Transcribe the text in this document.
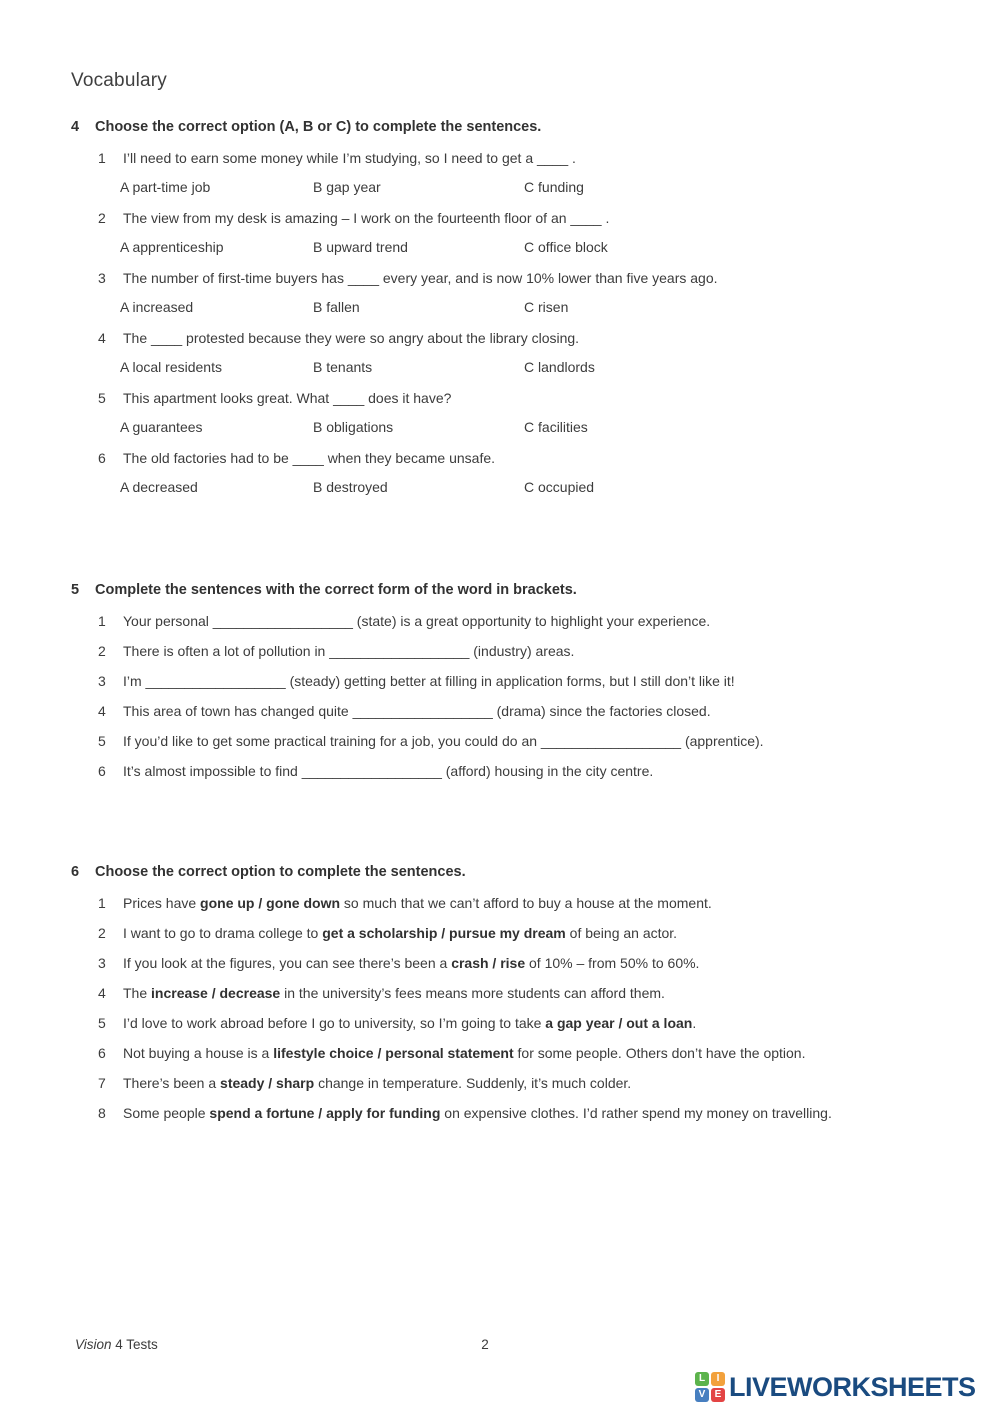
Vocabulary
4	Choose the correct option (A, B or C) to complete the sentences.
1	I’ll need to earn some money while I’m studying, so I need to get a ____ .
A part-time job	B gap year	C funding
2	The view from my desk is amazing – I work on the fourteenth floor of an ____ .
A apprenticeship	B upward trend	C office block
3	The number of first-time buyers has ____ every year, and is now 10% lower than five years ago.
A increased	B fallen	C risen
4	The ____ protested because they were so angry about the library closing.
A local residents	B tenants	C landlords
5	This apartment looks great. What ____ does it have?
A guarantees	B obligations	C facilities
6	The old factories had to be ____ when they became unsafe.
A decreased	B destroyed	C occupied
5	Complete the sentences with the correct form of the word in brackets.
1	Your personal __________________ (state) is a great opportunity to highlight your experience.
2	There is often a lot of pollution in __________________ (industry) areas.
3	I’m __________________ (steady) getting better at filling in application forms, but I still don’t like it!
4	This area of town has changed quite __________________ (drama) since the factories closed.
5	If you’d like to get some practical training for a job, you could do an __________________ (apprentice).
6	It’s almost impossible to find __________________ (afford) housing in the city centre.
6	Choose the correct option to complete the sentences.
1	Prices have gone up / gone down so much that we can’t afford to buy a house at the moment.
2	I want to go to drama college to get a scholarship / pursue my dream of being an actor.
3	If you look at the figures, you can see there’s been a crash / rise of 10% – from 50% to 60%.
4	The increase / decrease in the university’s fees means more students can afford them.
5	I’d love to work abroad before I go to university, so I’m going to take a gap year / out a loan.
6	Not buying a house is a lifestyle choice / personal statement for some people. Others don’t have the option.
7	There’s been a steady / sharp change in temperature. Suddenly, it’s much colder.
8	Some people spend a fortune / apply for funding on expensive clothes. I’d rather spend my money on travelling.
Vision 4 Tests	2
L	I
V E LIVEWORKSHEETS
